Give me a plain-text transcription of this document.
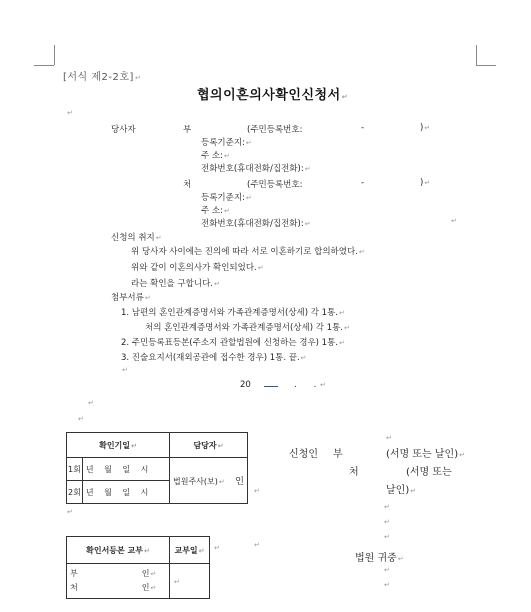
[서식 제2-2호]↵
협의이혼의사확인신청서↵
↵
당사자	부	(주민등록번호:	-	)↵
등록기준지:↵
주 소:↵
전화번호(휴대전화/집전화):↵
처	(주민등록번호:	-	)↵
등록기준지:↵
주 소:↵
전화번호(휴대전화/집전화):↵	↵
신청의 취지↵
위 당사자 사이에는 진의에 따라 서로 이혼하기로 합의하였다.↵
위와 같이 이혼의사가 확인되었다.↵
라는 확인을 구합니다.↵
첨부서류↵
1. 남편의 혼인관계증명서와 가족관계증명서(상세) 각 1통.↵
처의 혼인관계증명서와 가족관계증명서(상세) 각 1통.↵
2. 주민등록표등본(주소지 관할법원에 신청하는 경우) 1통.↵
3. 진술요지서(재외공관에 접수한 경우) 1통. 끝.↵
↵
20	. . ↵
↵
↵
확인기일↵		담당자↵
1회	년 월 일 시	법원주사(보)↵ 인
2회	년 월 일 시	
신청인 부	(서명 또는 날인)↵
↵
처	(서명 또는
날인)↵
↵
↵
↵
↵
↵
확인서등본 교부↵	교부일↵

부 인↵
처 인↵	↵
↵	↵
법원 귀중↵
↵
↵
